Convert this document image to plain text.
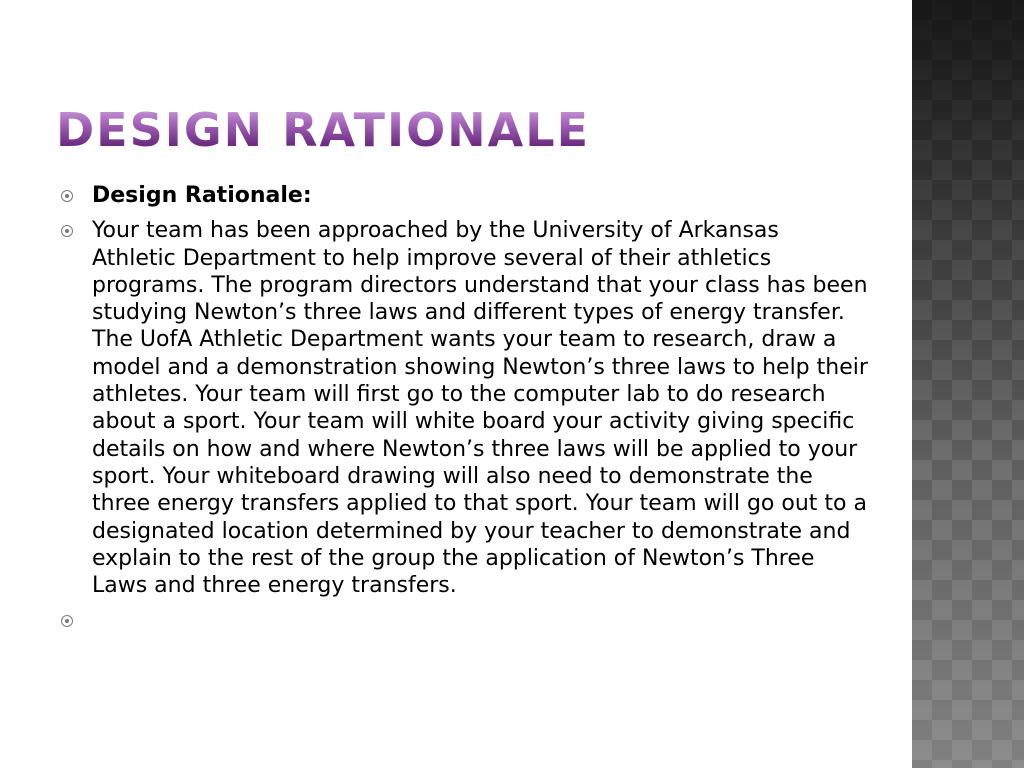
DESIGN RATIONALE
Design Rationale:
Your team has been approached by the University of Arkansas Athletic Department to help improve several of their athletics programs. The program directors understand that your class has been studying Newton’s three laws and different types of energy transfer. The UofA Athletic Department wants your team to research, draw a model and a demonstration showing Newton’s three laws to help their athletes. Your team will first go to the computer lab to do research about a sport. Your team will white board your activity giving specific details on how and where Newton’s three laws will be applied to your sport. Your whiteboard drawing will also need to demonstrate the three energy transfers applied to that sport. Your team will go out to a designated location determined by your teacher to demonstrate and explain to the rest of the group the application of Newton’s Three Laws and three energy transfers.
